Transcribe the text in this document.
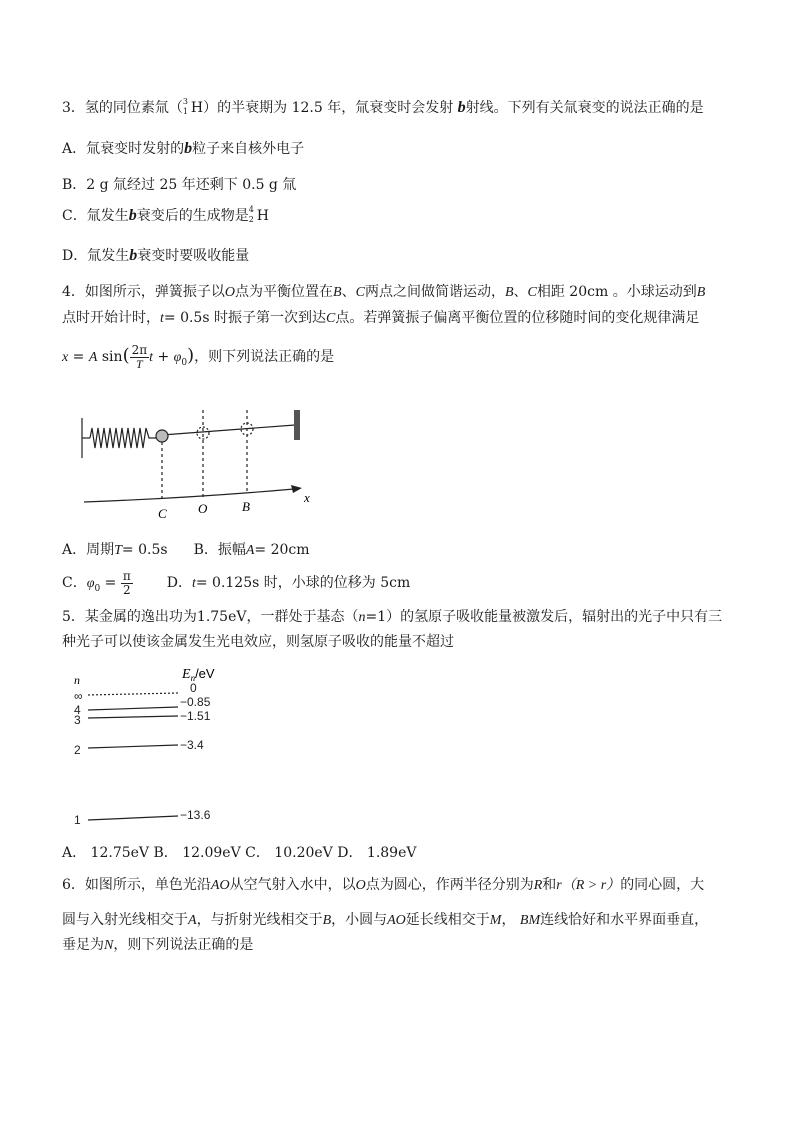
3．氢的同位素氚（ 3
1 H）的半衰期为 12.5 年，氚衰变时会发射 b射线。下列有关氚衰变的说法正确的是
A．氚衰变时发射的b粒子来自核外电子
B．2 g 氚经过 25 年还剩下 0.5 g 氚
C．氚发生b衰变后的生成物是 4
2 H
D．氚发生b衰变时要吸收能量
4．如图所示，弹簧振子以O点为平衡位置在B、C两点之间做简谐运动，B、C相距 20cm 。小球运动到B
点时开始计时，t= 0.5s 时振子第一次到达C点。若弹簧振子偏离平衡位置的位移随时间的变化规律满足
x = A $\sin( \frac{2\pi}{T}$ $t + \varphi_0$)，则下列说法正确的是
C O	B
x
A．周期T= 0.5s B．振幅A= 20cm
C．$\varphi_0 = \frac{\pi}{2}$ D．t= 0.125s 时，小球的位移为 5cm
5．某金属的逸出功为1.75eV，一群处于基态（n=1）的氢原子吸收能量被激发后，辐射出的光子中只有三
种光子可以使该金属发生光电效应，则氢原子吸收的能量不超过
n	$E_n/eV$
∞
4
3
2
1
0
−0.85
−1.51
−3.4
−13.6
A． 12.75eV B． 12.09eV C． 10.20eV D． 1.89eV
6．如图所示，单色光沿AO从空气射入水中，以O点为圆心，作两半径分别为R和r（R > r）的同心圆，大
圆与入射光线相交于A，与折射光线相交于B，小圆与AO延长线相交于M， BM连线恰好和水平界面垂直，
垂足为N，则下列说法正确的是
